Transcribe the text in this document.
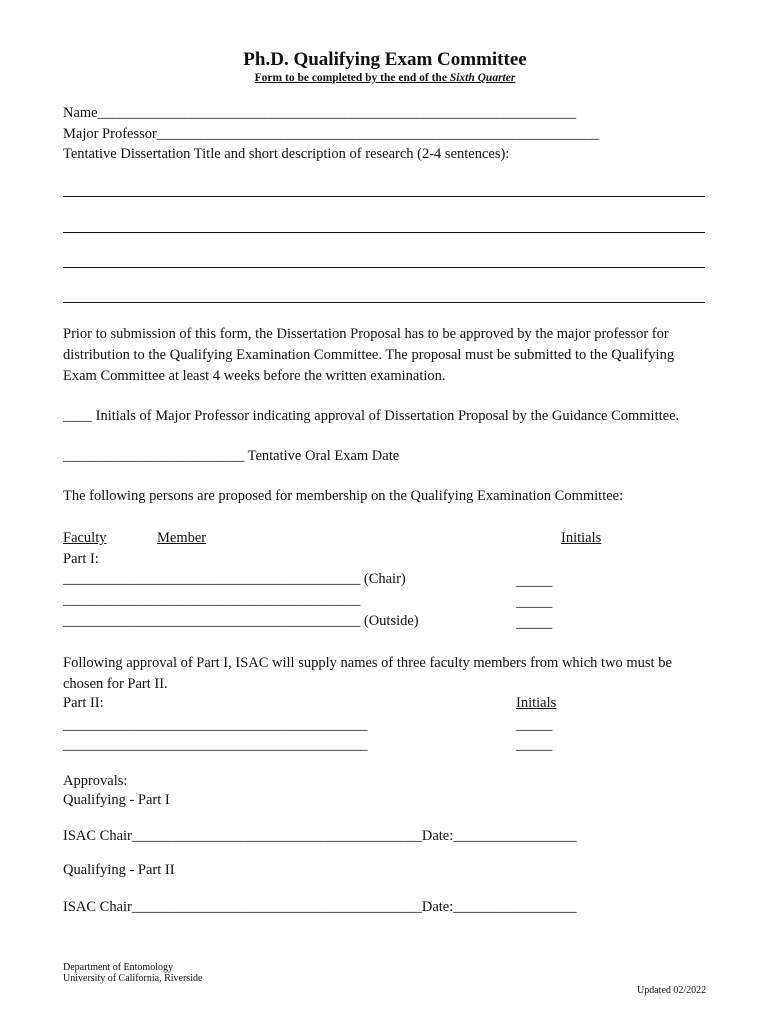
Ph.D. Qualifying Exam Committee
Form to be completed by the end of the Sixth Quarter
Name__________________________________________________________________
Major Professor_____________________________________________________________
Tentative Dissertation Title and short description of research (2-4 sentences):
Prior to submission of this form, the Dissertation Proposal has to be approved by the major professor for distribution to the Qualifying Examination Committee. The proposal must be submitted to the Qualifying Exam Committee at least 4 weeks before the written examination.
____ Initials of Major Professor indicating approval of Dissertation Proposal by the Guidance Committee.
_________________________ Tentative Oral Exam Date
The following persons are proposed for membership on the Qualifying Examination Committee:
Faculty	Member	Initials
Part I:
_________________________________________ (Chair)	_____
_________________________________________	_____
_________________________________________ (Outside)	_____
Following approval of Part I, ISAC will supply names of three faculty members from which two must be chosen for Part II.
Part II:	Initials
__________________________________________	_____
__________________________________________	_____
Approvals:
Qualifying - Part I
ISAC Chair________________________________________Date:_________________
Qualifying - Part II
ISAC Chair________________________________________Date:_________________
Department of Entomology
University of California, Riverside
Updated 02/2022
